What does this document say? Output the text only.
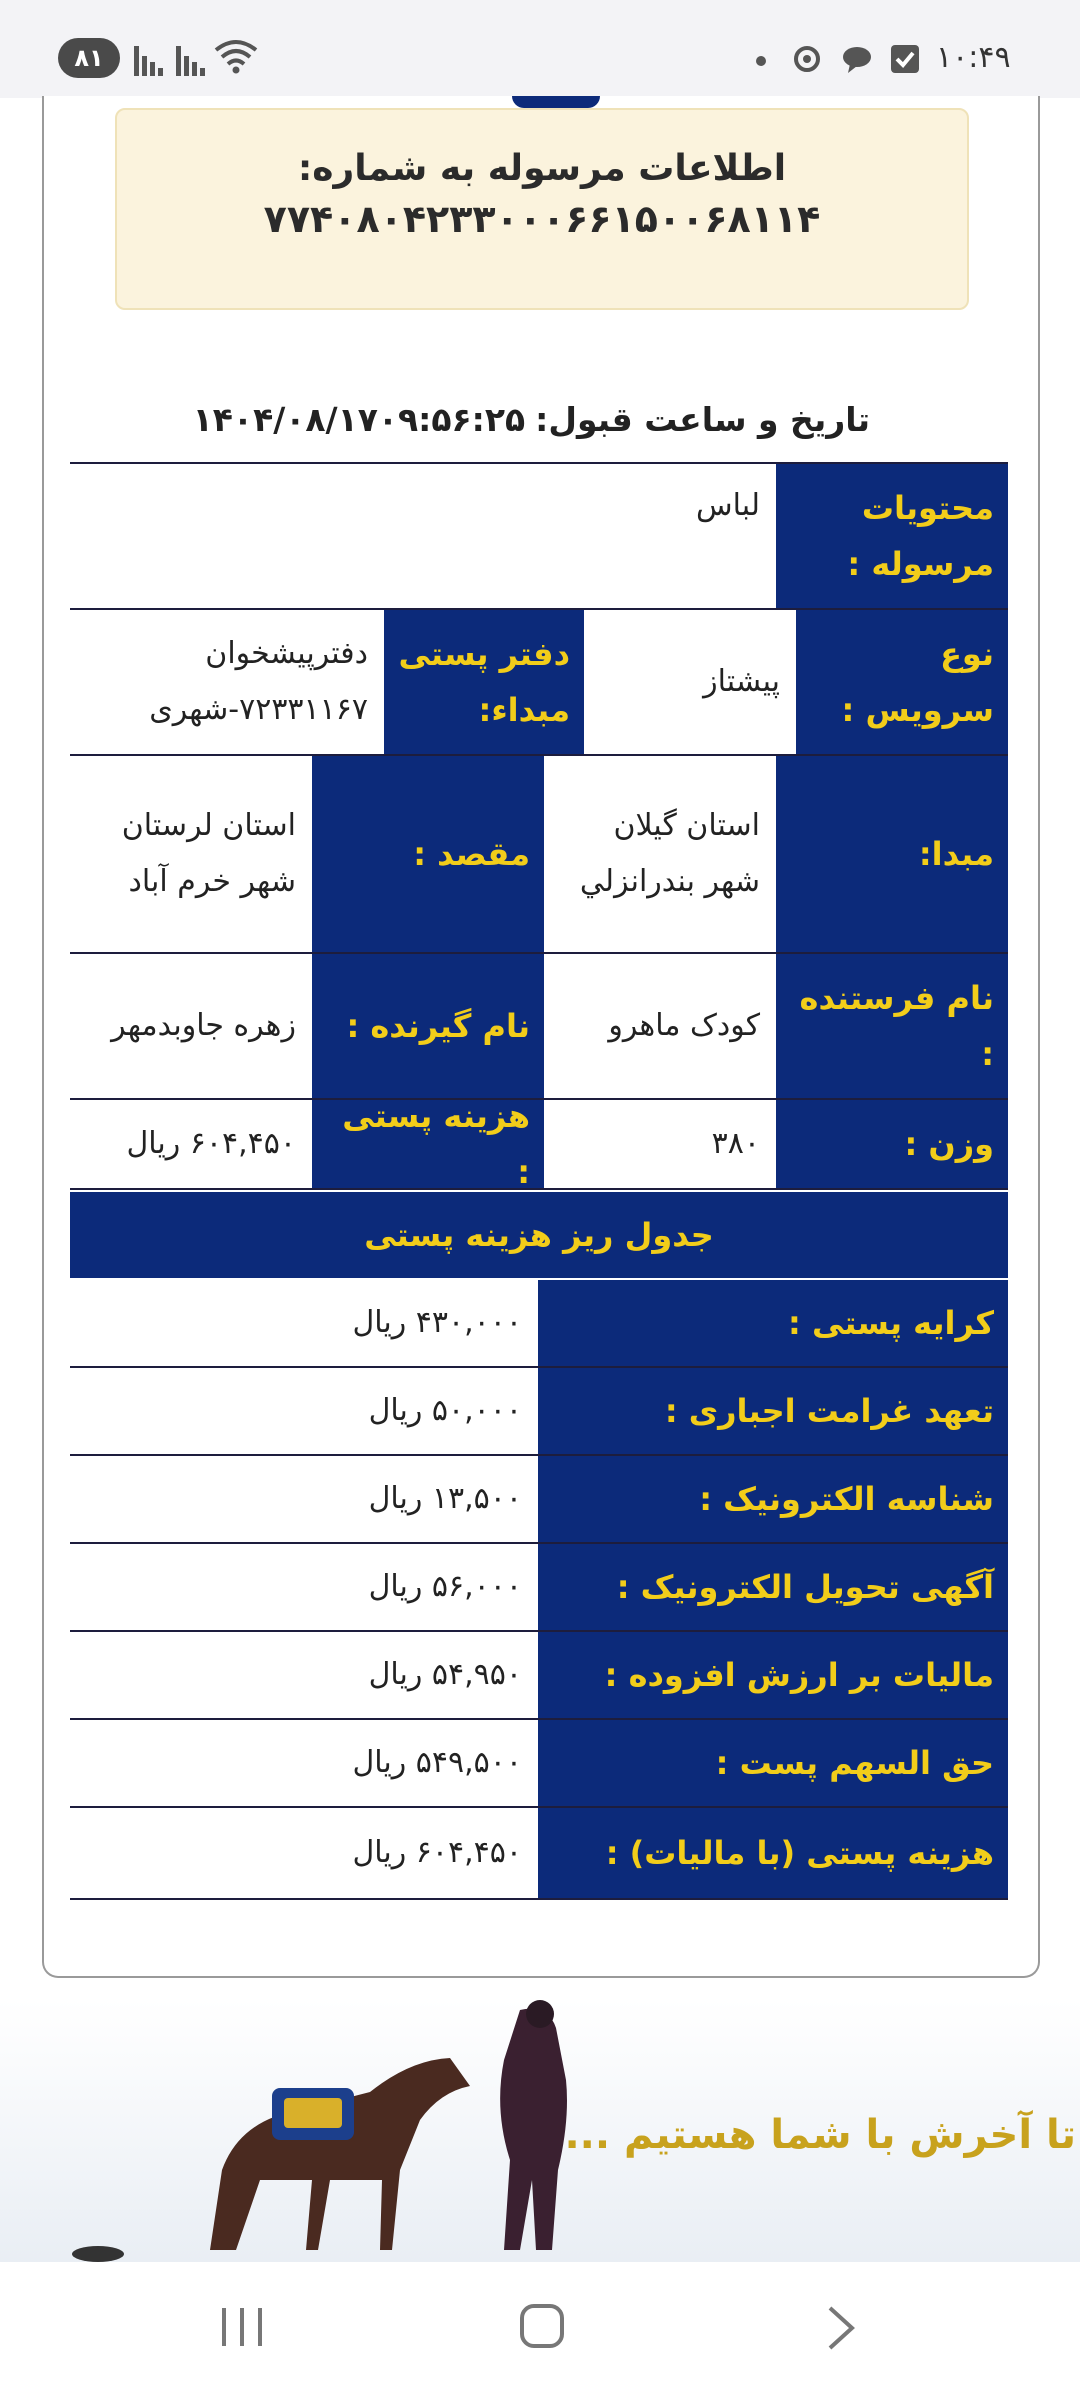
۸۱	۱۰:۴۹
اطلاعات مرسوله به شماره:
۷۷۴۰۸۰۴۲۳۳۰۰۰۶۶۱۵۰۰۶۸۱۱۴
تاریخ و ساعت قبول:۱۴۰۴/۰۸/۱۷۰۹:۵۶:۲۵
محتویات مرسوله :
لباس
نوع سرویس :
پیشتاز
دفتر پستی مبداء:
دفترپیشخوان ۷۲۳۳۱۱۶۷-شهری
مبدا:
استان گیلان شهر بندرانزلي
مقصد :
استان لرستان شهر خرم آباد
نام فرستنده :
کودک ماهرو
نام گیرنده :
زهره جاوبدمهر
وزن :
۳۸۰
هزینه پستی :
۶۰۴,۴۵۰ ریال
جدول ریز هزینه پستی
کرایه پستی :
۴۳۰,۰۰۰ ریال
تعهد غرامت اجباری :
۵۰,۰۰۰ ریال
شناسه الکترونیک :
۱۳,۵۰۰ ریال
آگهی تحویل الکترونیک :
۵۶,۰۰۰ ریال
مالیات بر ارزش افزوده :
۵۴,۹۵۰ ریال
حق السهم پست :
۵۴۹,۵۰۰ ریال
هزینه پستی (با مالیات) :
۶۰۴,۴۵۰ ریال
تا آخرش با شما هستیم ...
